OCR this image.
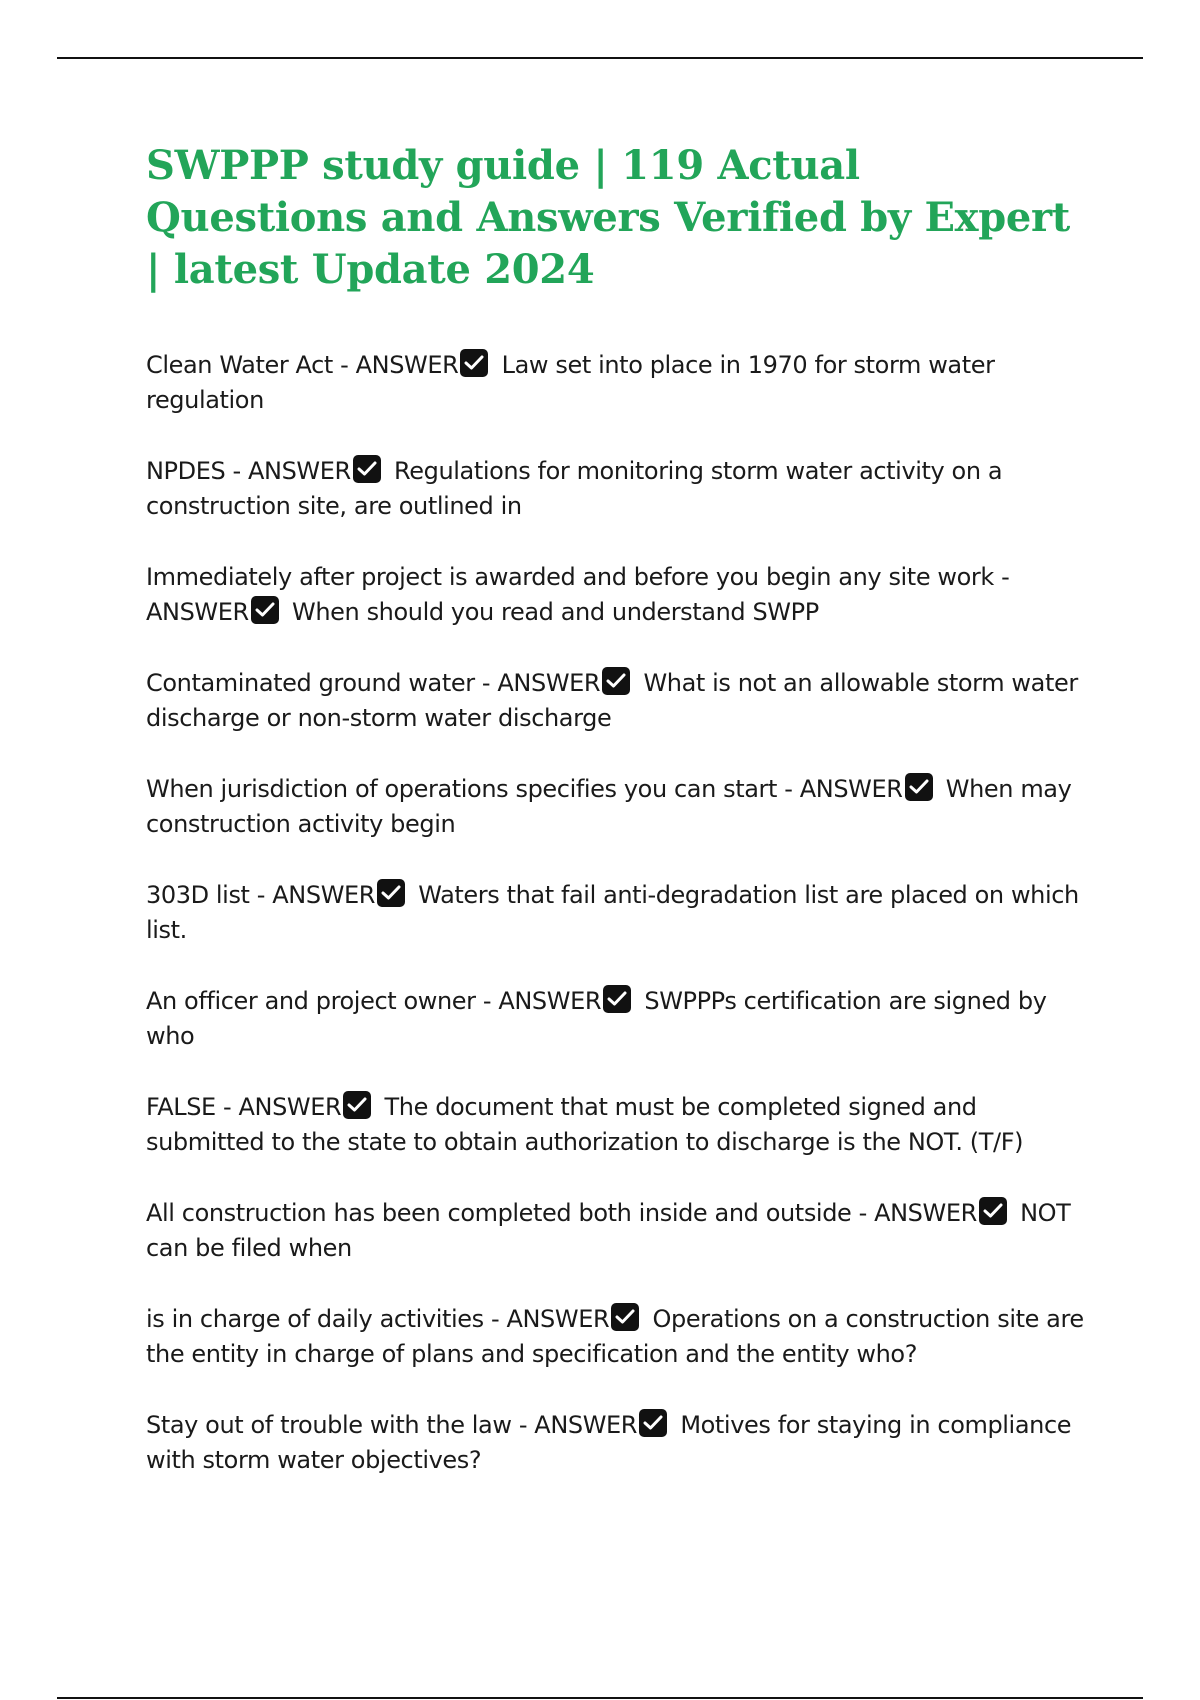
SWPPP study guide | 119 Actual Questions and Answers Verified by Expert | latest Update 2024

Clean Water Act - ANSWER Law set into place in 1970 for storm water regulation

NPDES - ANSWER Regulations for monitoring storm water activity on a construction site, are outlined in

Immediately after project is awarded and before you begin any site work - ANSWER When should you read and understand SWPP

Contaminated ground water - ANSWER What is not an allowable storm water discharge or non-storm water discharge

When jurisdiction of operations specifies you can start - ANSWER When may construction activity begin

303D list - ANSWER Waters that fail anti-degradation list are placed on which list.

An officer and project owner - ANSWER SWPPPs certification are signed by who

FALSE - ANSWER The document that must be completed signed and submitted to the state to obtain authorization to discharge is the NOT. (T/F)

All construction has been completed both inside and outside - ANSWER NOT can be filed when

is in charge of daily activities - ANSWER Operations on a construction site are the entity in charge of plans and specification and the entity who?

Stay out of trouble with the law - ANSWER Motives for staying in compliance with storm water objectives?
